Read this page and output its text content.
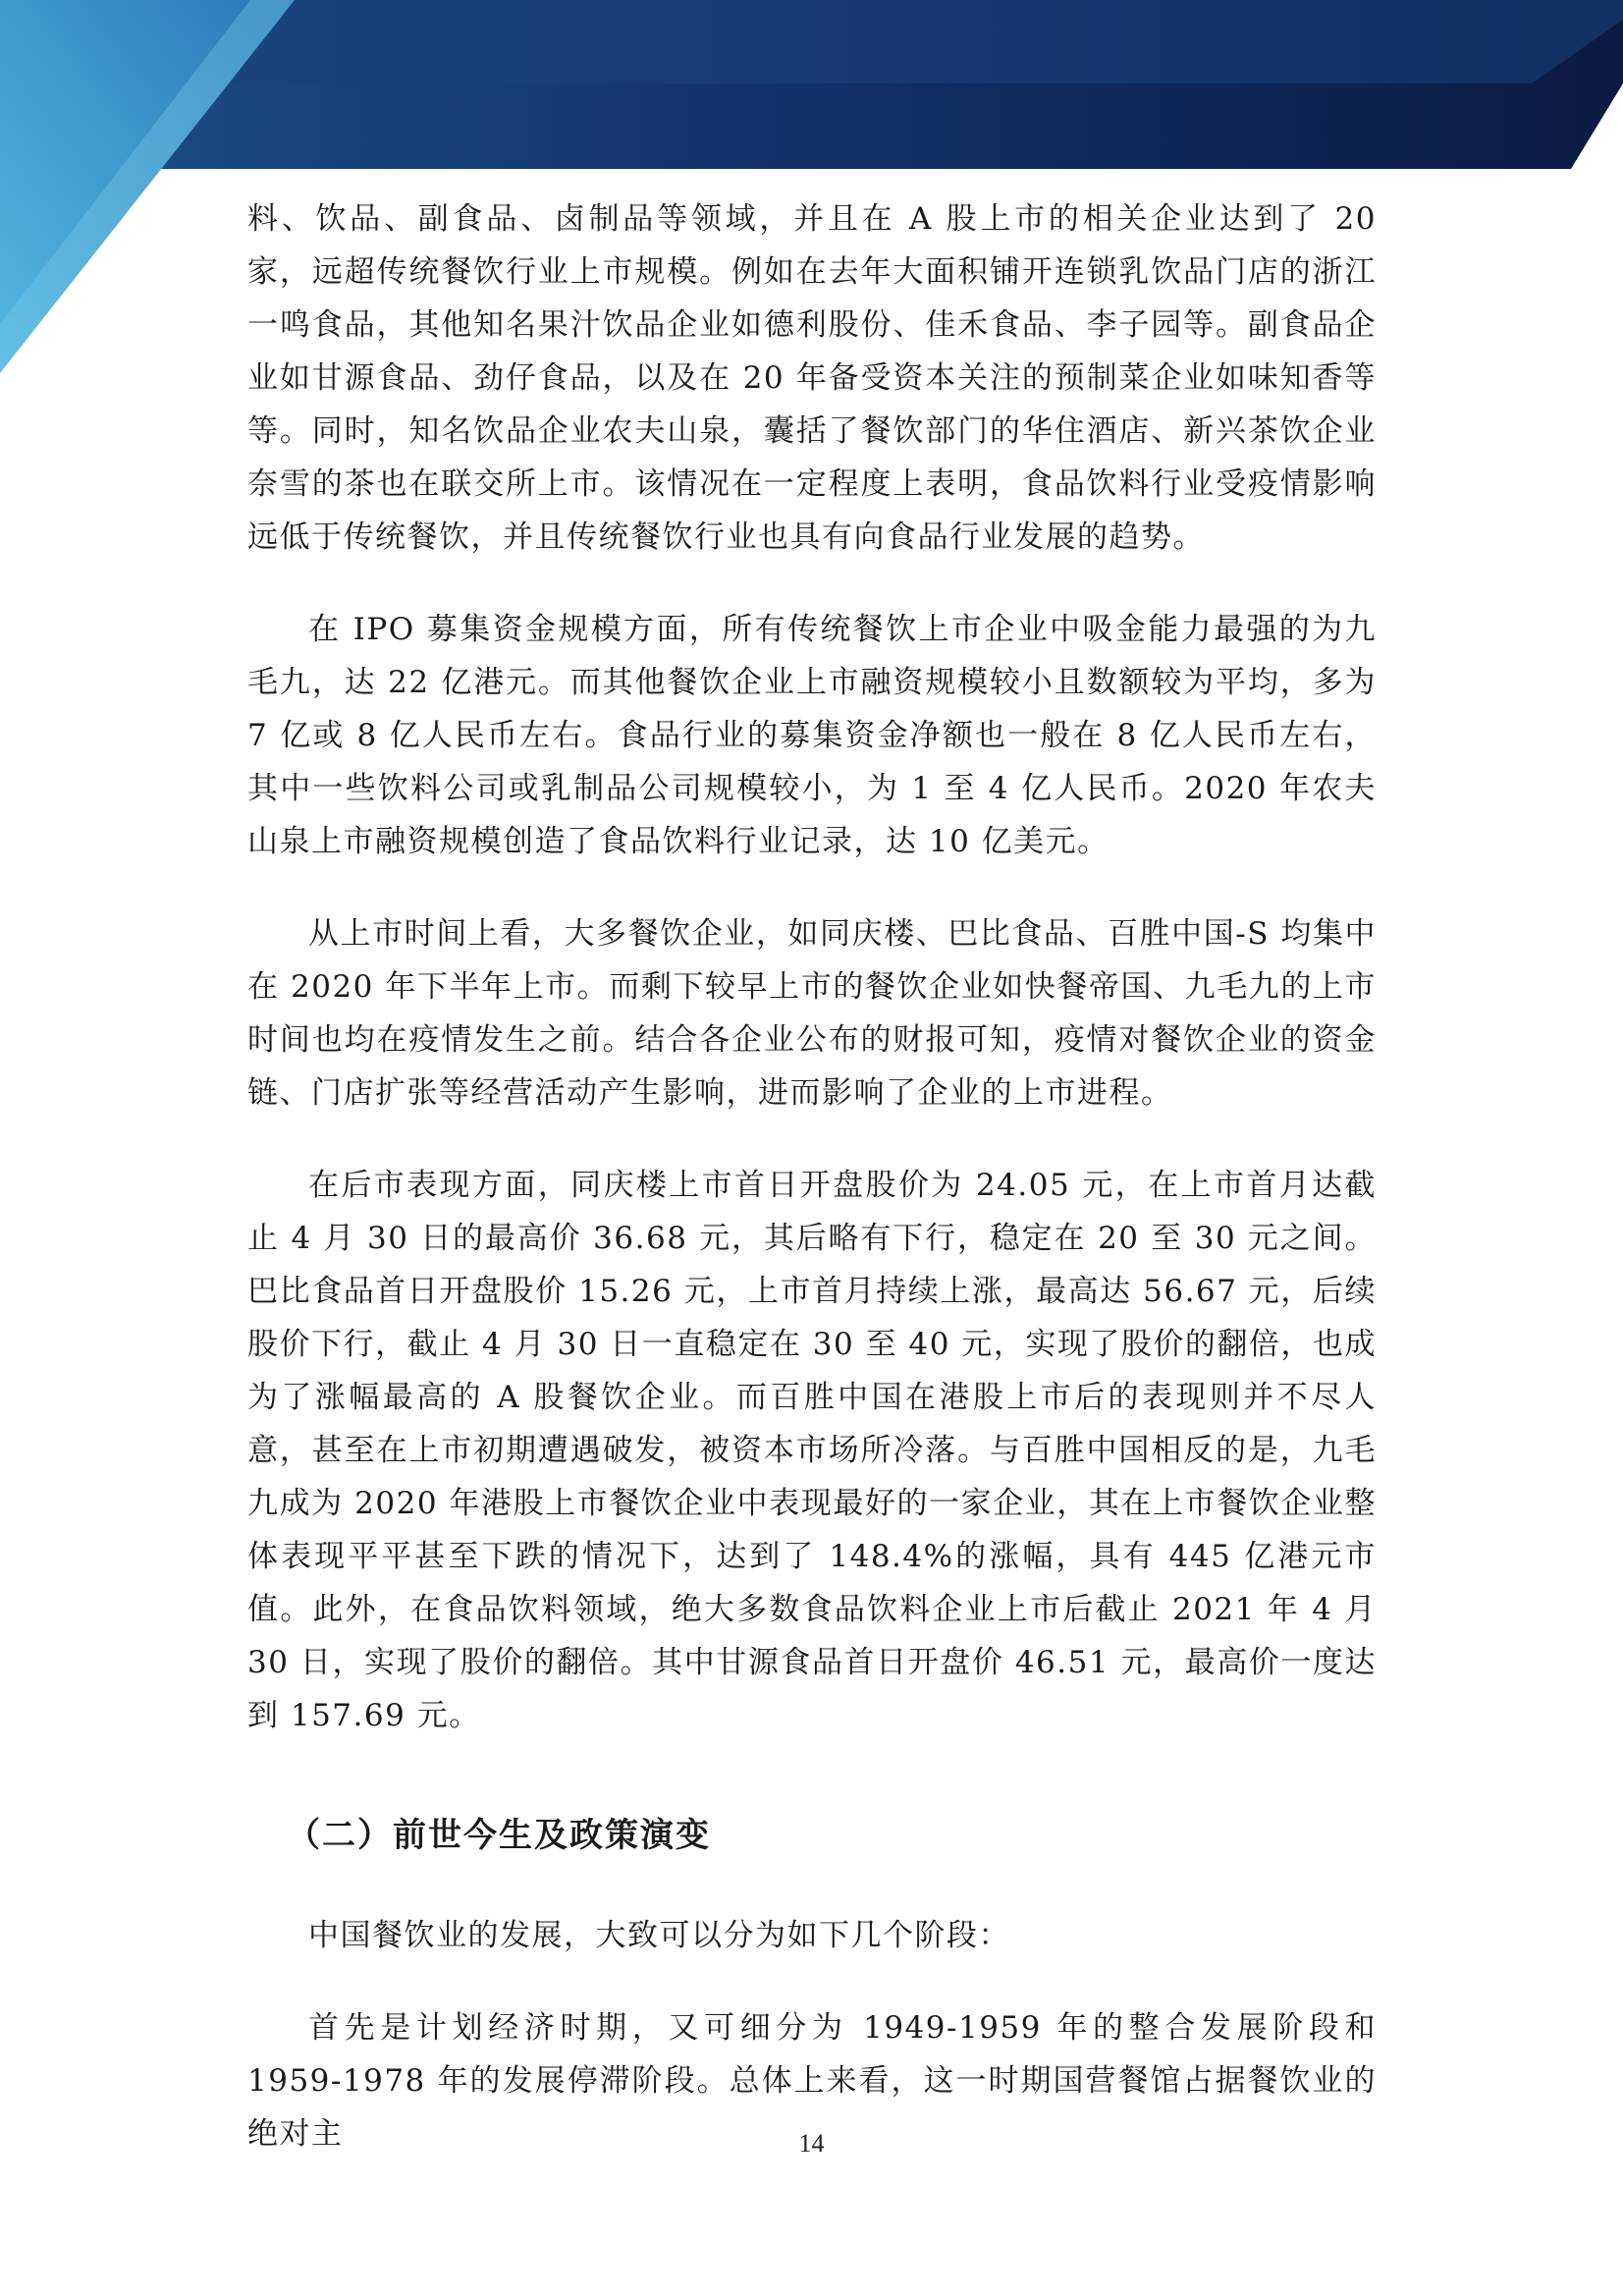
料、饮品、副食品、卤制品等领域，并且在 A 股上市的相关企业达到了 20 家，远超传统餐饮行业上市规模。例如在去年大面积铺开连锁乳饮品门店的浙江一鸣食品，其他知名果汁饮品企业如德利股份、佳禾食品、李子园等。副食品企业如甘源食品、劲仔食品，以及在 20 年备受资本关注的预制菜企业如味知香等等。同时，知名饮品企业农夫山泉，囊括了餐饮部门的华住酒店、新兴茶饮企业奈雪的茶也在联交所上市。该情况在一定程度上表明，食品饮料行业受疫情影响远低于传统餐饮，并且传统餐饮行业也具有向食品行业发展的趋势。

在 IPO 募集资金规模方面，所有传统餐饮上市企业中吸金能力最强的为九毛九，达 22 亿港元。而其他餐饮企业上市融资规模较小且数额较为平均，多为 7 亿或 8 亿人民币左右。食品行业的募集资金净额也一般在 8 亿人民币左右，其中一些饮料公司或乳制品公司规模较小，为 1 至 4 亿人民币。2020 年农夫山泉上市融资规模创造了食品饮料行业记录，达 10 亿美元。

从上市时间上看，大多餐饮企业，如同庆楼、巴比食品、百胜中国-S 均集中在 2020 年下半年上市。而剩下较早上市的餐饮企业如快餐帝国、九毛九的上市时间也均在疫情发生之前。结合各企业公布的财报可知，疫情对餐饮企业的资金链、门店扩张等经营活动产生影响，进而影响了企业的上市进程。

在后市表现方面，同庆楼上市首日开盘股价为 24.05 元，在上市首月达截止 4 月 30 日的最高价 36.68 元，其后略有下行，稳定在 20 至 30 元之间。巴比食品首日开盘股价 15.26 元，上市首月持续上涨，最高达 56.67 元，后续股价下行，截止 4 月 30 日一直稳定在 30 至 40 元，实现了股价的翻倍，也成为了涨幅最高的 A 股餐饮企业。而百胜中国在港股上市后的表现则并不尽人意，甚至在上市初期遭遇破发，被资本市场所冷落。与百胜中国相反的是，九毛九成为 2020 年港股上市餐饮企业中表现最好的一家企业，其在上市餐饮企业整体表现平平甚至下跌的情况下，达到了 148.4%的涨幅，具有 445 亿港元市值。此外，在食品饮料领域，绝大多数食品饮料企业上市后截止 2021 年 4 月 30 日，实现了股价的翻倍。其中甘源食品首日开盘价 46.51 元，最高价一度达到 157.69 元。

（二）前世今生及政策演变

中国餐饮业的发展，大致可以分为如下几个阶段：

首先是计划经济时期，又可细分为 1949-1959 年的整合发展阶段和 1959-1978 年的发展停滞阶段。总体上来看，这一时期国营餐馆占据餐饮业的绝对主	14
